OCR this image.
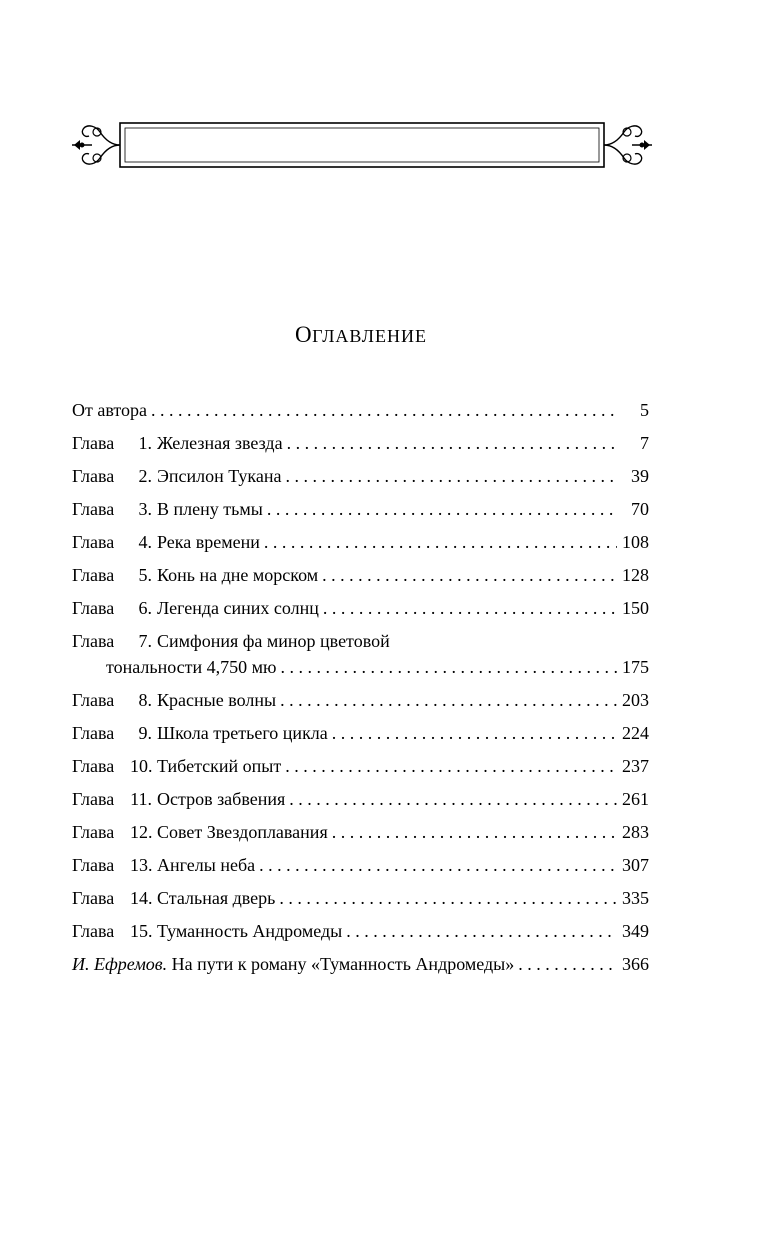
ОГЛАВЛЕНИЕ
От автора . . .	5
Глава 1. Железная звезда . . .	7
Глава 2. Эпсилон Тукана . . .	39
Глава 3. В плену тьмы . . .	70
Глава 4. Река времени . . .	108
Глава 5. Конь на дне морском . . .	128
Глава 6. Легенда синих солнц . . .	150
Глава 7. Симфония фа минор цветовой
тональности 4,750 мю . . .	175
Глава 8. Красные волны . . .	203
Глава 9. Школа третьего цикла . . .	224
Глава 10. Тибетский опыт . . .	237
Глава 11. Остров забвения . . .	261
Глава 12. Совет Звездоплавания . . .	283
Глава 13. Ангелы неба . . .	307
Глава 14. Стальная дверь . . .	335
Глава 15. Туманность Андромеды . . .	349
И. Ефремов. На пути к роману «Туманность Андромеды» . . .	366
